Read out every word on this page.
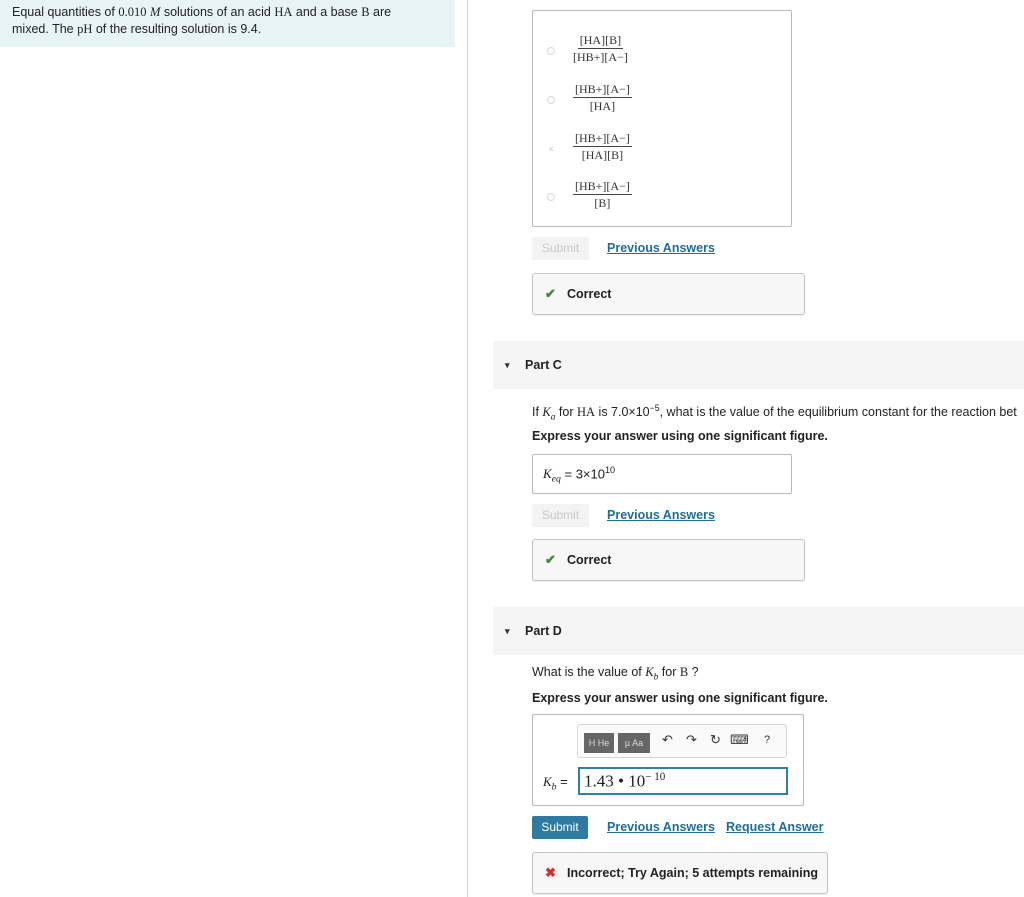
Equal quantities of 0.010 M solutions of an acid HA and a base B are
mixed. The pH of the resulting solution is 9.4.
$\frac{[HA][B]}{[HB+][A-]}$
$\frac{[HB+][A-]}{[HA]}$
× $\frac{[HB+][A-]}{[HA][B]}$
$\frac{[HB+][A-]}{[B]}$
Submit	Previous Answers
✔ Correct
▾ Part C
If $K_a$ for HA is $7.0\times 10^{-5}$, what is the value of the equilibrium constant for the reaction bet
Express your answer using one significant figure.
$K_{eq} = 3\times 10^{10}$
Submit	Previous Answers
✔ Correct
▾ Part D
What is the value of $K_b$ for B ?
Express your answer using one significant figure.
H He	µ Aa	↶ ↷ ↻ ⌨ ?
$K_b = 1.43$ • $10^{- 10}$
Submit	Previous Answers Request Answer
✖ Incorrect; Try Again; 5 attempts remaining
